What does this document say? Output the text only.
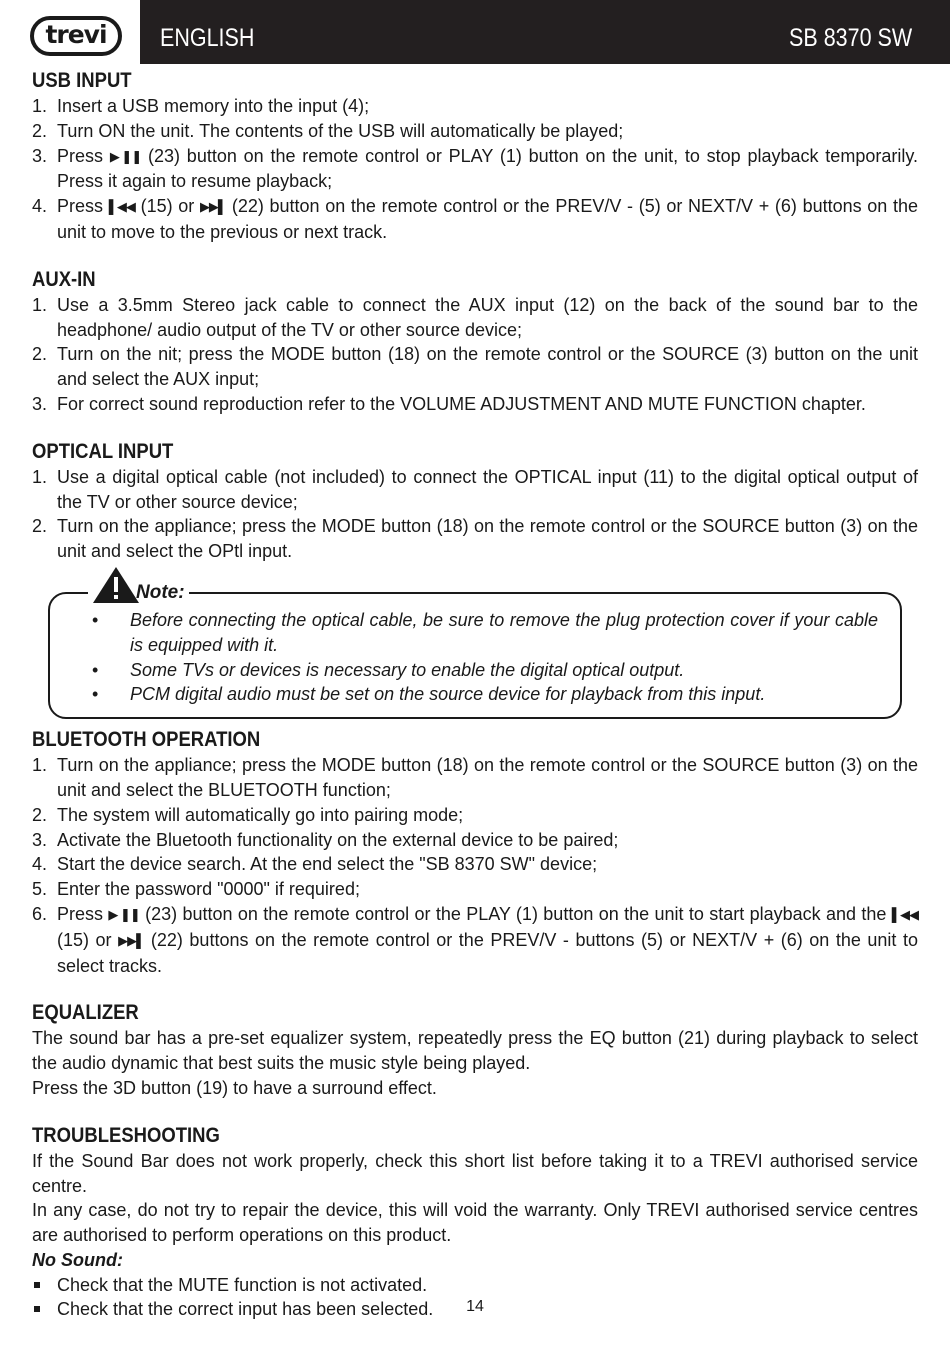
trevi ENGLISH	SB 8370 SW
USB INPUT
1. Insert a USB memory into the input (4);
2. Turn ON the unit. The contents of the USB will automatically be played;
3. Press ▶ ❚❚ (23) button on the remote control or PLAY (1) button on the unit, to stop playback temporarily. Press it again to resume playback;
4. Press ▌◀◀ (15) or ▶▶▌ (22) button on the remote control or the PREV/V - (5) or NEXT/V + (6) buttons on the unit to move to the previous or next track.
AUX-IN
1. Use a 3.5mm Stereo jack cable to connect the AUX input (12) on the back of the sound bar to the headphone/ audio output of the TV or other source device;
2. Turn on the nit; press the MODE button (18) on the remote control or the SOURCE (3) button on the unit and select the AUX input;
3. For correct sound reproduction refer to the VOLUME ADJUSTMENT AND MUTE FUNCTION chapter.
OPTICAL INPUT
1. Use a digital optical cable (not included) to connect the OPTICAL input (11) to the digital optical output of the TV or other source device;
2. Turn on the appliance; press the MODE button (18) on the remote control or the SOURCE button (3) on the unit and select the OPtl input.
Note:
• Before connecting the optical cable, be sure to remove the plug protection cover if your cable is equipped with it.
• Some TVs or devices is necessary to enable the digital optical output.
• PCM digital audio must be set on the source device for playback from this input.
BLUETOOTH OPERATION
1. Turn on the appliance; press the MODE button (18) on the remote control or the SOURCE button (3) on the unit and select the BLUETOOTH function;
2. The system will automatically go into pairing mode;
3. Activate the Bluetooth functionality on the external device to be paired;
4. Start the device search. At the end select the "SB 8370 SW" device;
5. Enter the password "0000" if required;
6. Press ▶ ❚❚ (23) button on the remote control or the PLAY (1) button on the unit to start playback and the ▌◀◀ (15) or ▶▶▌ (22) buttons on the remote control or the PREV/V - buttons (5) or NEXT/V + (6) on the unit to select tracks.
EQUALIZER
The sound bar has a pre-set equalizer system, repeatedly press the EQ button (21) during playback to select the audio dynamic that best suits the music style being played.
Press the 3D button (19) to have a surround effect.
TROUBLESHOOTING
If the Sound Bar does not work properly, check this short list before taking it to a TREVI authorised service centre.
In any case, do not try to repair the device, this will void the warranty. Only TREVI authorised service centres are authorised to perform operations on this product.
No Sound:
Check that the MUTE function is not activated.
Check that the correct input has been selected.	14
